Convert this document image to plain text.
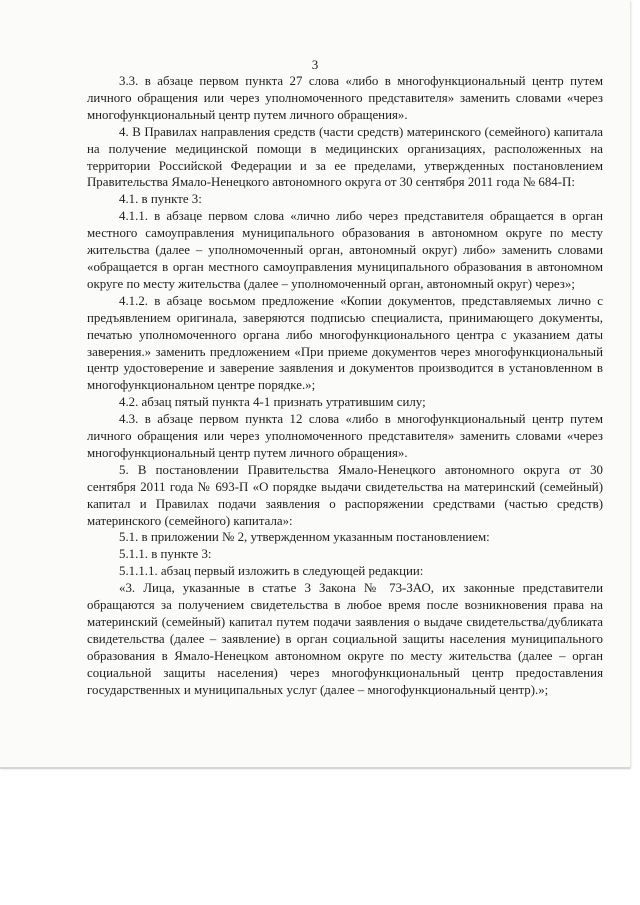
3

3.3. в абзаце первом пункта 27 слова «либо в многофункциональный центр путем личного обращения или через уполномоченного представителя» заменить словами «через многофункциональный центр путем личного обращения».

4. В Правилах направления средств (части средств) материнского (семейного) капитала на получение медицинской помощи в медицинских организациях, расположенных на территории Российской Федерации и за ее пределами, утвержденных постановлением Правительства Ямало-Ненецкого автономного округа от 30 сентября 2011 года № 684-П:

4.1. в пункте 3:

4.1.1. в абзаце первом слова «лично либо через представителя обращается в орган местного самоуправления муниципального образования в автономном округе по месту жительства (далее – уполномоченный орган, автономный округ) либо» заменить словами «обращается в орган местного самоуправления муниципального образования в автономном округе по месту жительства (далее – уполномоченный орган, автономный округ) через»;

4.1.2. в абзаце восьмом предложение «Копии документов, представляемых лично с предъявлением оригинала, заверяются подписью специалиста, принимающего документы, печатью уполномоченного органа либо многофункционального центра с указанием даты заверения.» заменить предложением «При приеме документов через многофункциональный центр удостоверение и заверение заявления и документов производится в установленном в многофункциональном центре порядке.»;

4.2. абзац пятый пункта 4-1 признать утратившим силу;

4.3. в абзаце первом пункта 12 слова «либо в многофункциональный центр путем личного обращения или через уполномоченного представителя» заменить словами «через многофункциональный центр путем личного обращения».

5. В постановлении Правительства Ямало-Ненецкого автономного округа от 30 сентября 2011 года № 693-П «О порядке выдачи свидетельства на материнский (семейный) капитал и Правилах подачи заявления о распоряжении средствами (частью средств) материнского (семейного) капитала»:

5.1. в приложении № 2, утвержденном указанным постановлением:

5.1.1. в пункте 3:

5.1.1.1. абзац первый изложить в следующей редакции:

«3. Лица, указанные в статье 3 Закона № 73-ЗАО, их законные представители обращаются за получением свидетельства в любое время после возникновения права на материнский (семейный) капитал путем подачи заявления о выдаче свидетельства/дубликата свидетельства (далее – заявление) в орган социальной защиты населения муниципального образования в Ямало-Ненецком автономном округе по месту жительства (далее – орган социальной защиты населения) через многофункциональный центр предоставления государственных и муниципальных услуг (далее – многофункциональный центр).»;
